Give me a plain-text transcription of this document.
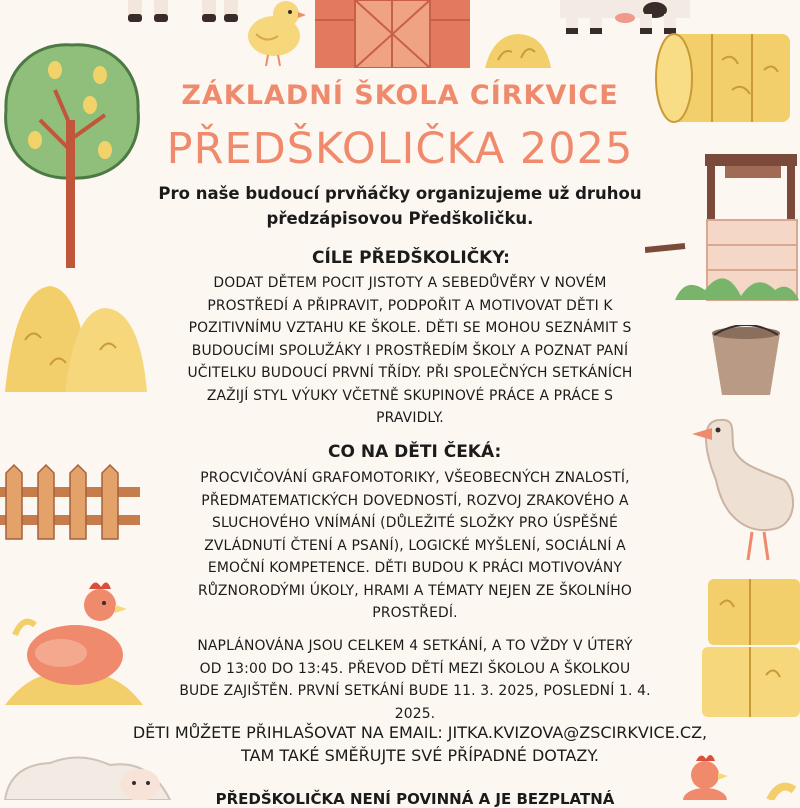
ZÁKLADNÍ ŠKOLA CÍRKVICE
PŘEDŠKOLIČKA 2025
Pro naše budoucí prvňáčky organizujeme už druhou
předzápisovou Předškoličku.
CÍLE PŘEDŠKOLIČKY:
DODAT DĚTEM POCIT JISTOTY A SEBEDŮVĚRY V NOVÉM
PROSTŘEDÍ A PŘIPRAVIT, PODPOŘIT A MOTIVOVAT DĚTI K
POZITIVNÍMU VZTAHU KE ŠKOLE. DĚTI SE MOHOU SEZNÁMIT S
BUDOUCÍMI SPOLUŽÁKY I PROSTŘEDÍM ŠKOLY A POZNAT PANÍ
UČITELKU BUDOUCÍ PRVNÍ TŘÍDY. PŘI SPOLEČNÝCH SETKÁNÍCH
ZAŽIJÍ STYL VÝUKY VČETNĚ SKUPINOVÉ PRÁCE A PRÁCE S
PRAVIDLY.
CO NA DĚTI ČEKÁ:
PROCVIČOVÁNÍ GRAFOMOTORIKY, VŠEOBECNÝCH ZNALOSTÍ,
PŘEDMATEMATICKÝCH DOVEDNOSTÍ, ROZVOJ ZRAKOVÉHO A
SLUCHOVÉHO VNÍMÁNÍ (DŮLEŽITÉ SLOŽKY PRO ÚSPĚŠNÉ
ZVLÁDNUTÍ ČTENÍ A PSANÍ), LOGICKÉ MYŠLENÍ, SOCIÁLNÍ A
EMOČNÍ KOMPETENCE. DĚTI BUDOU K PRÁCI MOTIVOVÁNY
RŮZNORODÝMI ÚKOLY, HRAMI A TÉMATY NEJEN ZE ŠKOLNÍHO
PROSTŘEDÍ.
NAPLÁNOVÁNA JSOU CELKEM 4 SETKÁNÍ, A TO VŽDY V ÚTERÝ
OD 13:00 DO 13:45. PŘEVOD DĚTÍ MEZI ŠKOLOU A ŠKOLKOU
BUDE ZAJIŠTĚN. PRVNÍ SETKÁNÍ BUDE 11. 3. 2025, POSLEDNÍ 1. 4.
2025.
DĚTI MŮŽETE PŘIHLAŠOVAT NA EMAIL: JITKA.KVIZOVA@ZSCIRKVICE.CZ,
TAM TAKÉ SMĚŘUJTE SVÉ PŘÍPADNÉ DOTAZY.
PŘEDŠKOLIČKA NENÍ POVINNÁ A JE BEZPLATNÁ
